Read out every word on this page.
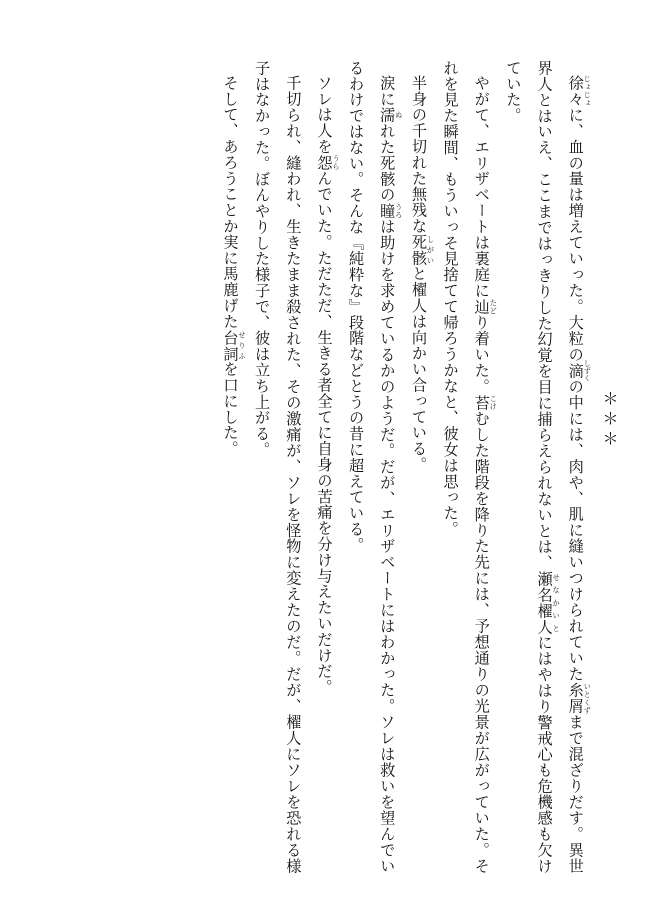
＊＊＊
徐々 じょじょに、血の量は増えていった。大粒の滴 しずくの中には、肉や、肌に縫いつけられていた糸 いと屑 くずまで混ざりだす。異世界人とはいえ、ここまではっきりした幻覚を目に捕らえられないとは、瀬名櫂人 せなかいとにはやはり警戒心も危機感も欠けていた。
やがて、エリザベートは裏庭に辿 たどり着いた。苔 こけむした階段を降りた先には、予想通りの光景が広がっていた。それを見た瞬間、もういっそ見捨てて帰ろうかなと、彼女は思った。
半身の千切れた無残な死骸 しがいと櫂人は向かい合っている。
涙に濡 ぬれた死骸の瞳 うろは助けを求めているかのようだ。だが、エリザベートにはわかった。ソレは救いを望んでいるわけではない。そんな『純粋な』段階などとうの昔に超えている。
ソレは人を怨 うらんでいた。ただただ、生きる者全てに自身の苦痛を分け与えたいだけだ。
千切られ、縫われ、生きたまま殺された、その激痛が、ソレを怪物に変えたのだ。だが、櫂人にソレを恐れる様子はなかった。ぼんやりした様子で、彼は立ち上がる。
そして、あろうことか実に馬鹿げた台詞 せりふを口にした。
